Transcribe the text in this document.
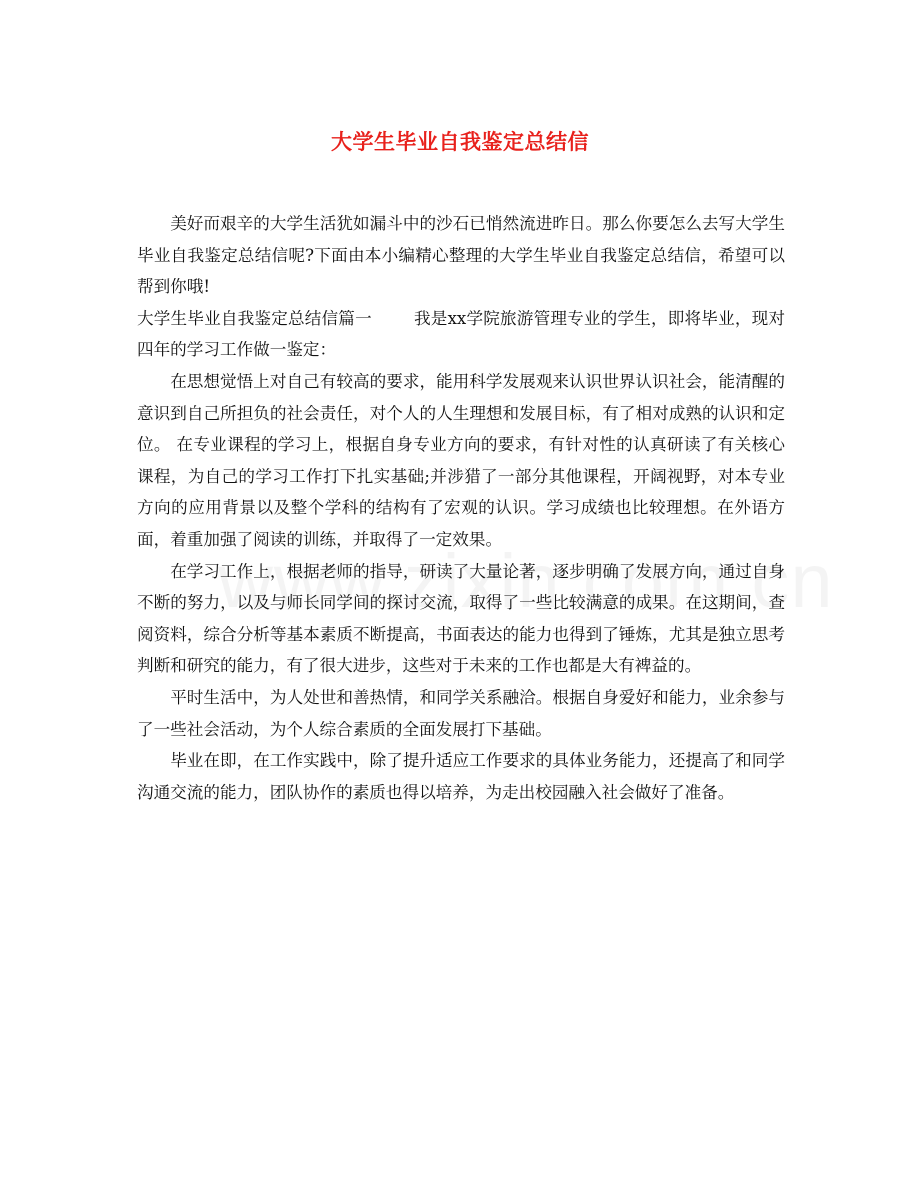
大学生毕业自我鉴定总结信

美好而艰辛的大学生活犹如漏斗中的沙石已悄然流进昨日。那么你要怎么去写大学生毕业自我鉴定总结信呢?下面由本小编精心整理的大学生毕业自我鉴定总结信，希望可以帮到你哦!

大学生毕业自我鉴定总结信篇一	我是xx学院旅游管理专业的学生，即将毕业，现对四年的学习工作做一鉴定：

在思想觉悟上对自己有较高的要求，能用科学发展观来认识世界认识社会，能清醒的意识到自己所担负的社会责任，对个人的人生理想和发展目标，有了相对成熟的认识和定位。 在专业课程的学习上，根据自身专业方向的要求，有针对性的认真研读了有关核心课程，为自己的学习工作打下扎实基础;并涉猎了一部分其他课程，开阔视野，对本专业方向的应用背景以及整个学科的结构有了宏观的认识。学习成绩也比较理想。在外语方面，着重加强了阅读的训练，并取得了一定效果。

在学习工作上，根据老师的指导，研读了大量论著，逐步明确了发展方向，通过自身不断的努力，以及与师长同学间的探讨交流，取得了一些比较满意的成果。在这期间，查阅资料，综合分析等基本素质不断提高，书面表达的能力也得到了锤炼，尤其是独立思考判断和研究的能力，有了很大进步，这些对于未来的工作也都是大有裨益的。

平时生活中，为人处世和善热情，和同学关系融洽。根据自身爱好和能力，业余参与了一些社会活动，为个人综合素质的全面发展打下基础。

毕业在即，在工作实践中，除了提升适应工作要求的具体业务能力，还提高了和同学沟通交流的能力，团队协作的素质也得以培养，为走出校园融入社会做好了准备。
